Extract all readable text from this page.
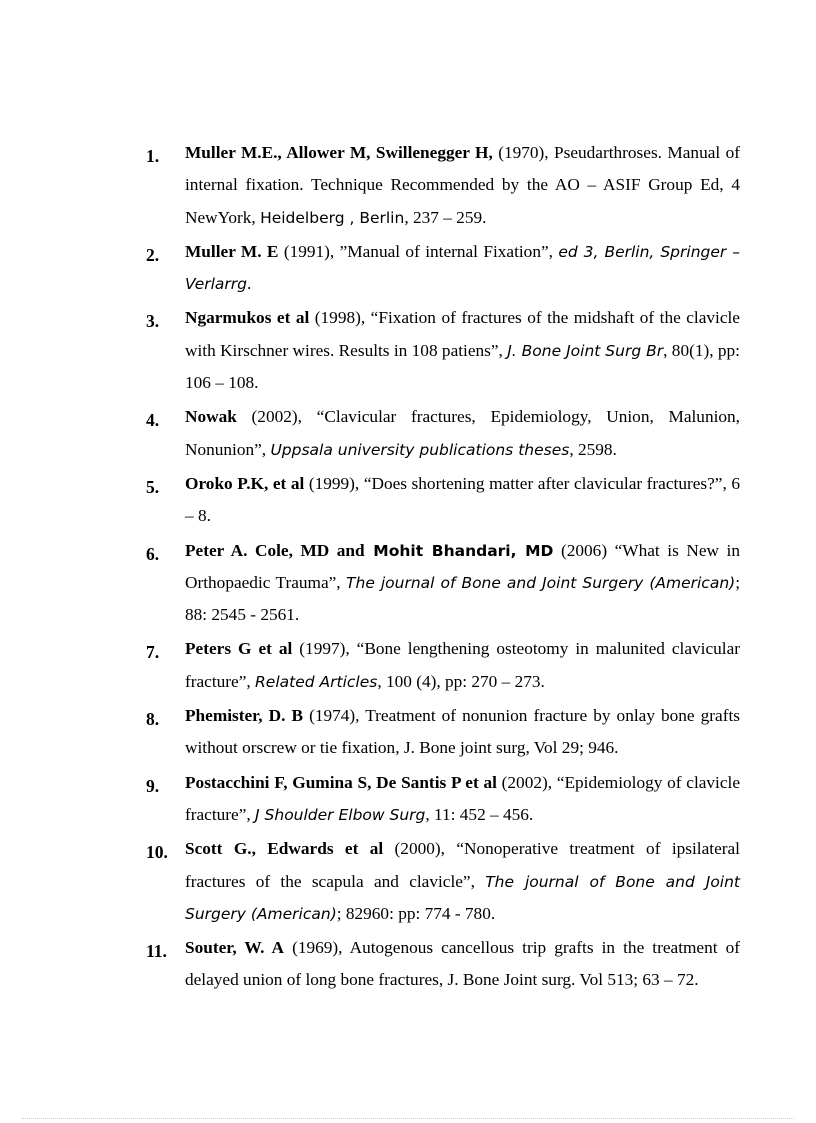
1.	Muller M.E., Allower M, Swillenegger H, (1970), Pseudarthroses. Manual of internal fixation. Technique Recommended by the AO – ASIF Group Ed, 4 NewYork, Heidelberg , Berlin, 237 – 259.
2.	Muller M. E (1991), ”Manual of internal Fixation”, ed 3, Berlin, Springer – Verlarrg.
3.	Ngarmukos et al (1998), “Fixation of fractures of the midshaft of the clavicle with Kirschner wires. Results in 108 patiens”, J. Bone Joint Surg Br, 80(1), pp: 106 – 108.
4.	Nowak (2002), “Clavicular fractures, Epidemiology, Union, Malunion, Nonunion”, Uppsala university publications theses, 2598.
5.	Oroko P.K, et al (1999), “Does shortening matter after clavicular fractures?”, 6 – 8.
6.	Peter A. Cole, MD and Mohit Bhandari, MD (2006) “What is New in Orthopaedic Trauma”, The journal of Bone and Joint Surgery (American); 88: 2545 - 2561.
7.	Peters G et al (1997), “Bone lengthening osteotomy in malunited clavicular fracture”, Related Articles, 100 (4), pp: 270 – 273.
8.	Phemister, D. B (1974), Treatment of nonunion fracture by onlay bone grafts without orscrew or tie fixation, J. Bone joint surg, Vol 29; 946.
9.	Postacchini F, Gumina S, De Santis P et al (2002), “Epidemiology of clavicle fracture”, J Shoulder Elbow Surg, 11: 452 – 456.
10. Scott G., Edwards et al (2000), “Nonoperative treatment of ipsilateral fractures of the scapula and clavicle”, The journal of Bone and Joint Surgery (American); 82960: pp: 774 - 780.
11.	Souter, W. A (1969), Autogenous cancellous trip grafts in the treatment of delayed union of long bone fractures, J. Bone Joint surg. Vol 513; 63 – 72.
